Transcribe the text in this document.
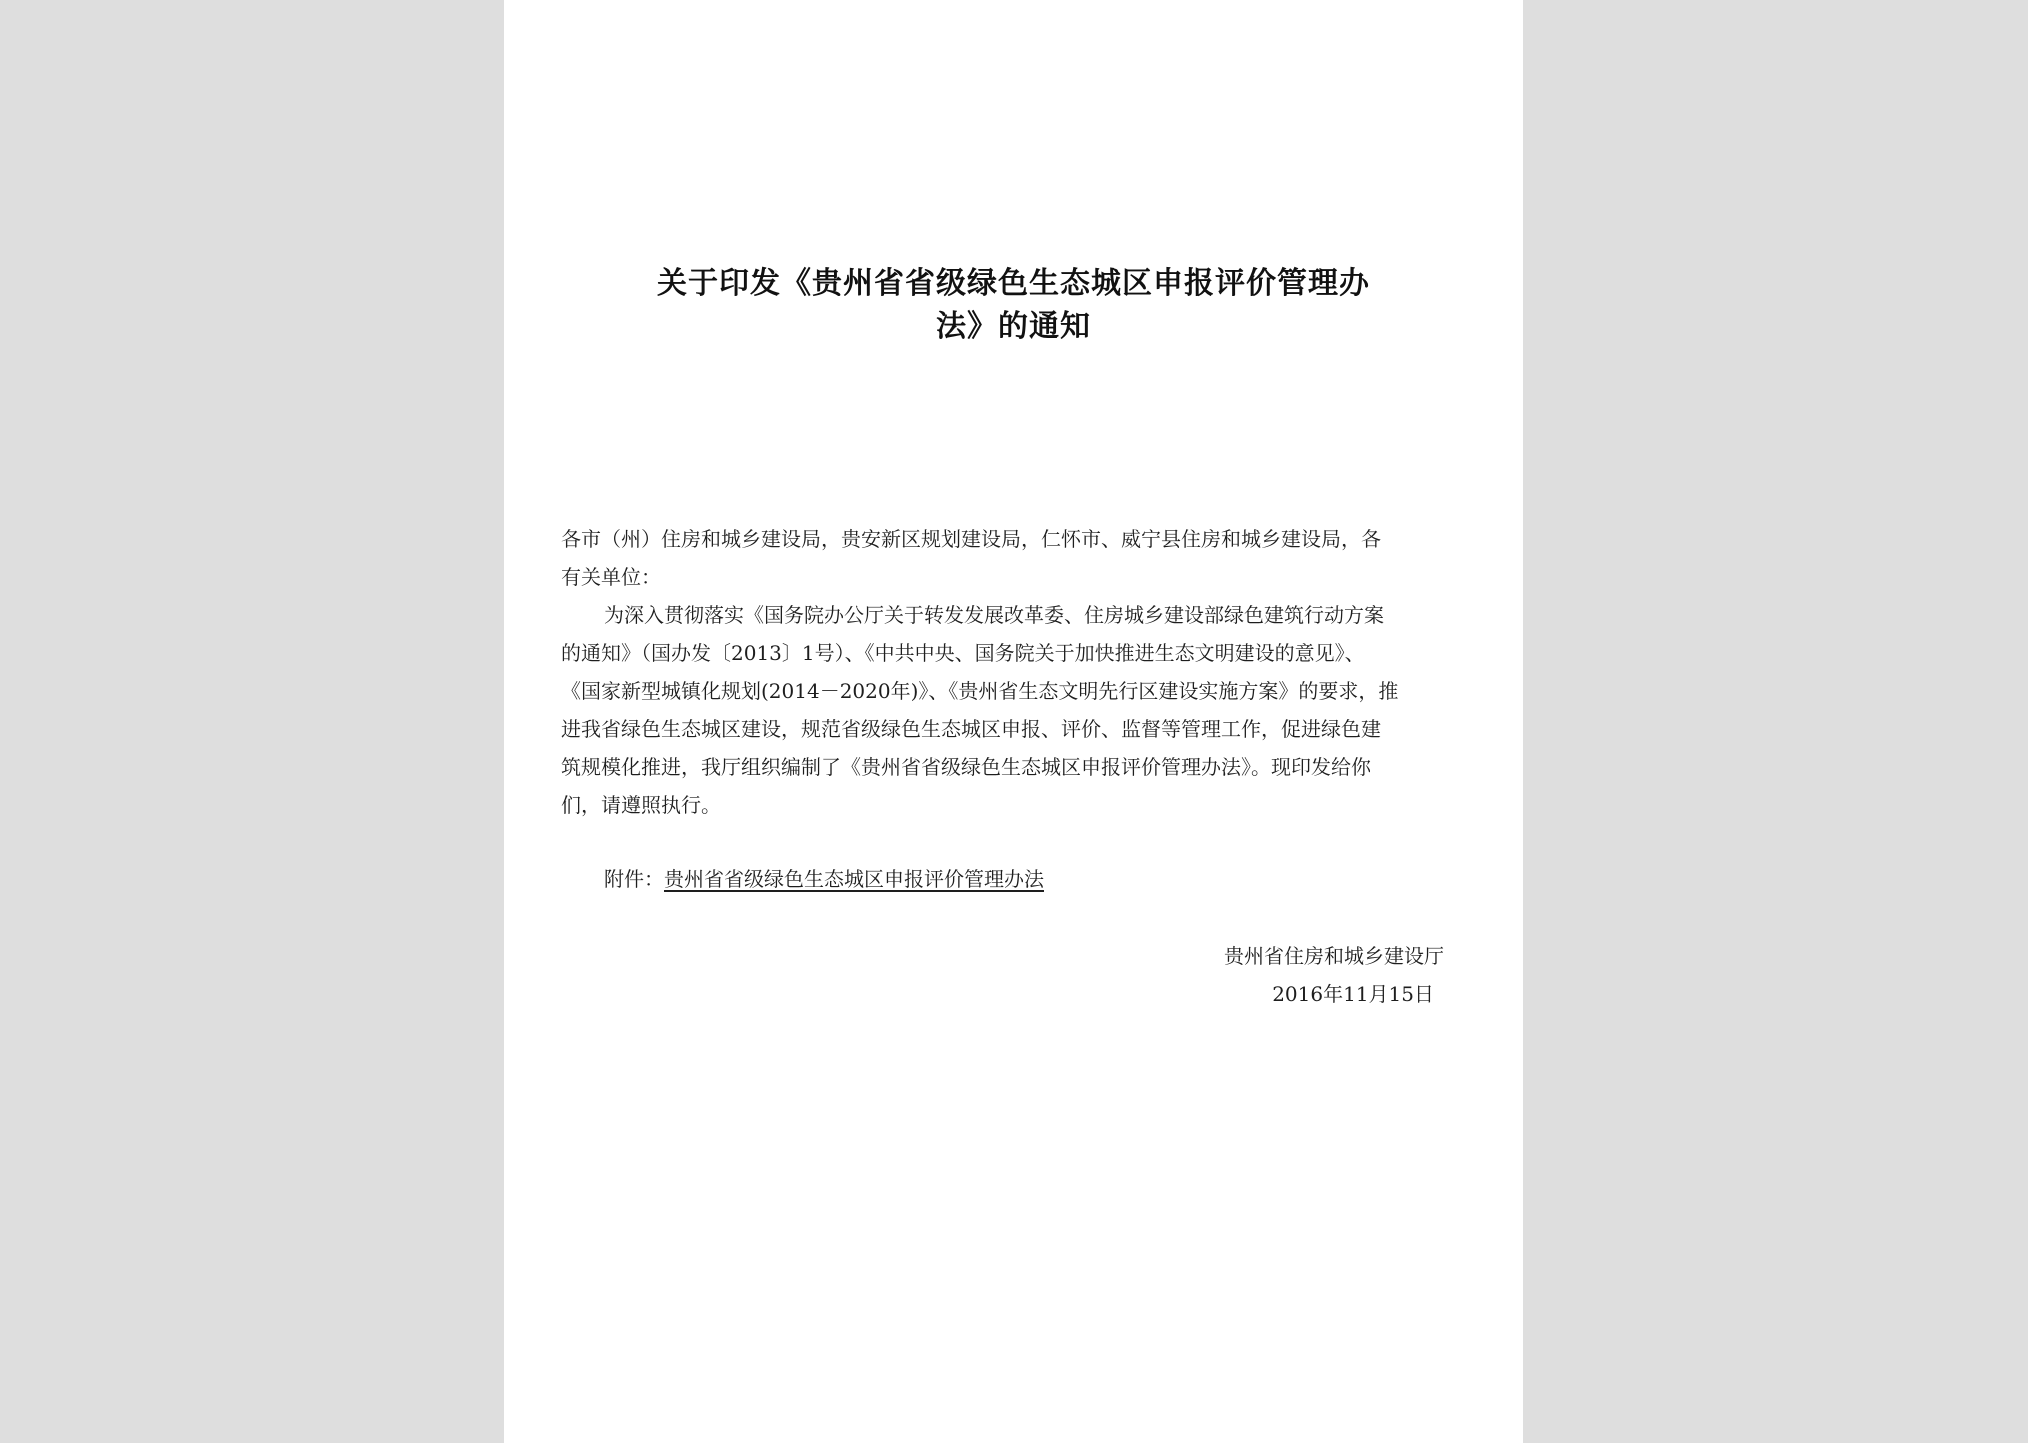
关于印发《贵州省省级绿色生态城区申报评价管理办
法》的通知
各市（州）住房和城乡建设局，贵安新区规划建设局，仁怀市、威宁县住房和城乡建设局，各
有关单位：
为深入贯彻落实《国务院办公厅关于转发发展改革委、住房城乡建设部绿色建筑行动方案
的通知》（国办发〔2013〕1号）、《中共中央、国务院关于加快推进生态文明建设的意见》、
《国家新型城镇化规划(2014－2020年)》、《贵州省生态文明先行区建设实施方案》的要求，推
进我省绿色生态城区建设，规范省级绿色生态城区申报、评价、监督等管理工作，促进绿色建
筑规模化推进，我厅组织编制了《贵州省省级绿色生态城区申报评价管理办法》。现印发给你
们，请遵照执行。
附件：贵州省省级绿色生态城区申报评价管理办法
贵州省住房和城乡建设厅
2016年11月15日
